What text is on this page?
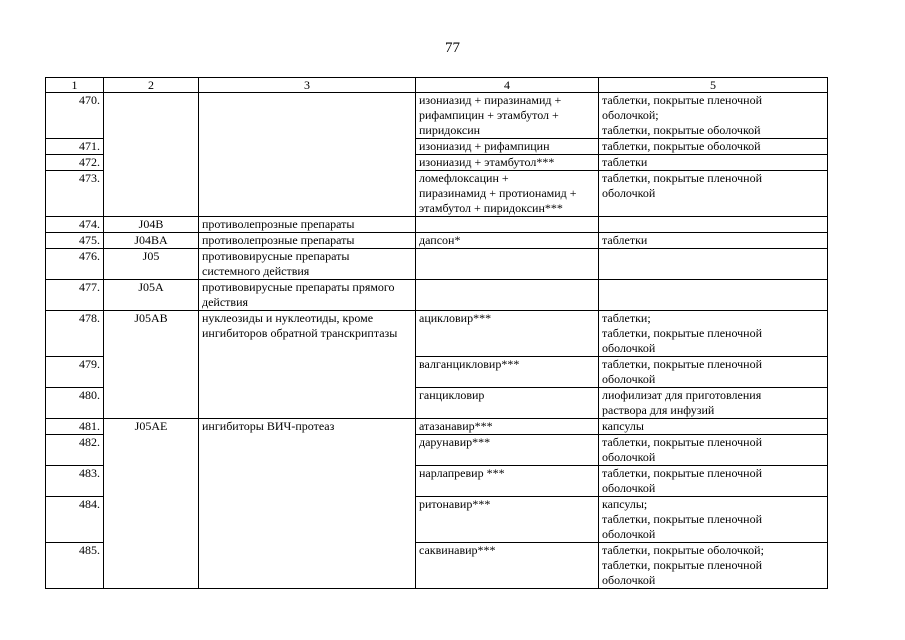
77
1	2	3	4	5
470.			изониазид + пиразинамид +
рифампицин + этамбутол +
пиридоксин	таблетки, покрытые пленочной
оболочкой;
таблетки, покрытые оболочкой

471.			изониазид + рифампицин	таблетки, покрытые оболочкой

472.			изониазид + этамбутол***	таблетки

473.			ломефлоксацин +
пиразинамид + протионамид +
этамбутол + пиридоксин***	таблетки, покрытые пленочной
оболочкой

474.	J04B	противолепрозные препараты		

475.	J04BA	противолепрозные препараты	дапсон*	таблетки

476.	J05	противовирусные препараты
системного действия		

477.	J05A	противовирусные препараты прямого
действия		

478.	J05AB	нуклеозиды и нуклеотиды, кроме
ингибиторов обратной транскриптазы	ацикловир***	таблетки;
таблетки, покрытые пленочной
оболочкой

479.			валганцикловир***	таблетки, покрытые пленочной
оболочкой

480.			ганцикловир	лиофилизат для приготовления
раствора для инфузий

481.	J05AE	ингибиторы ВИЧ-протеаз	атазанавир***	капсулы

482.			дарунавир***	таблетки, покрытые пленочной
оболочкой

483.			нарлапревир ***	таблетки, покрытые пленочной
оболочкой

484.			ритонавир***	капсулы;
таблетки, покрытые пленочной
оболочкой

485.			саквинавир***	таблетки, покрытые оболочкой;
таблетки, покрытые пленочной
оболочкой
